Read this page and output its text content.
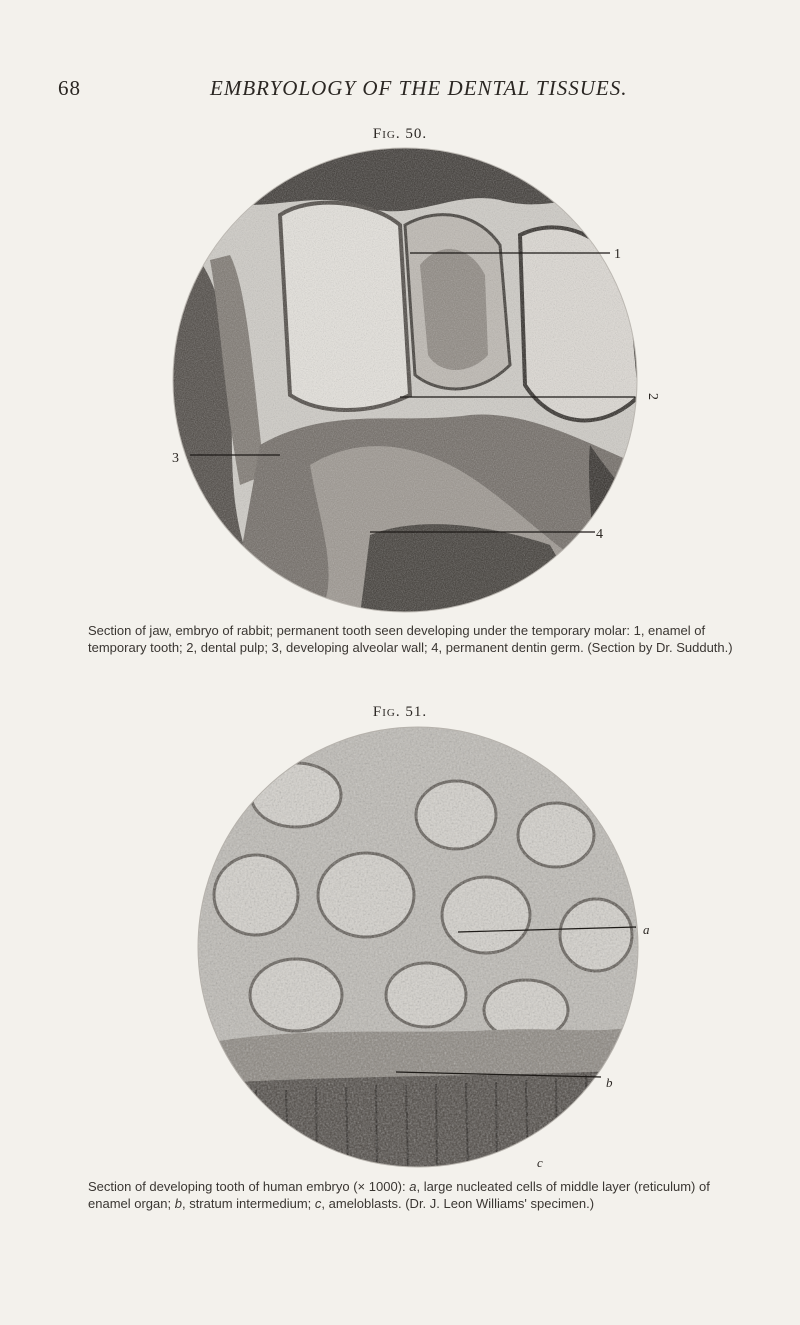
68	EMBRYOLOGY OF THE DENTAL TISSUES.
Fig. 50.
1
2
3
4
Section of jaw, embryo of rabbit; permanent tooth seen developing under the temporary molar: 1, enamel of temporary tooth; 2, dental pulp; 3, developing alveolar wall; 4, permanent dentin germ. (Section by Dr. Sudduth.)
Fig. 51.
a
b
c
Section of developing tooth of human embryo (× 1000): a, large nucleated cells of middle layer (reticulum) of enamel organ; b, stratum intermedium; c, ameloblasts. (Dr. J. Leon Williams' specimen.)
